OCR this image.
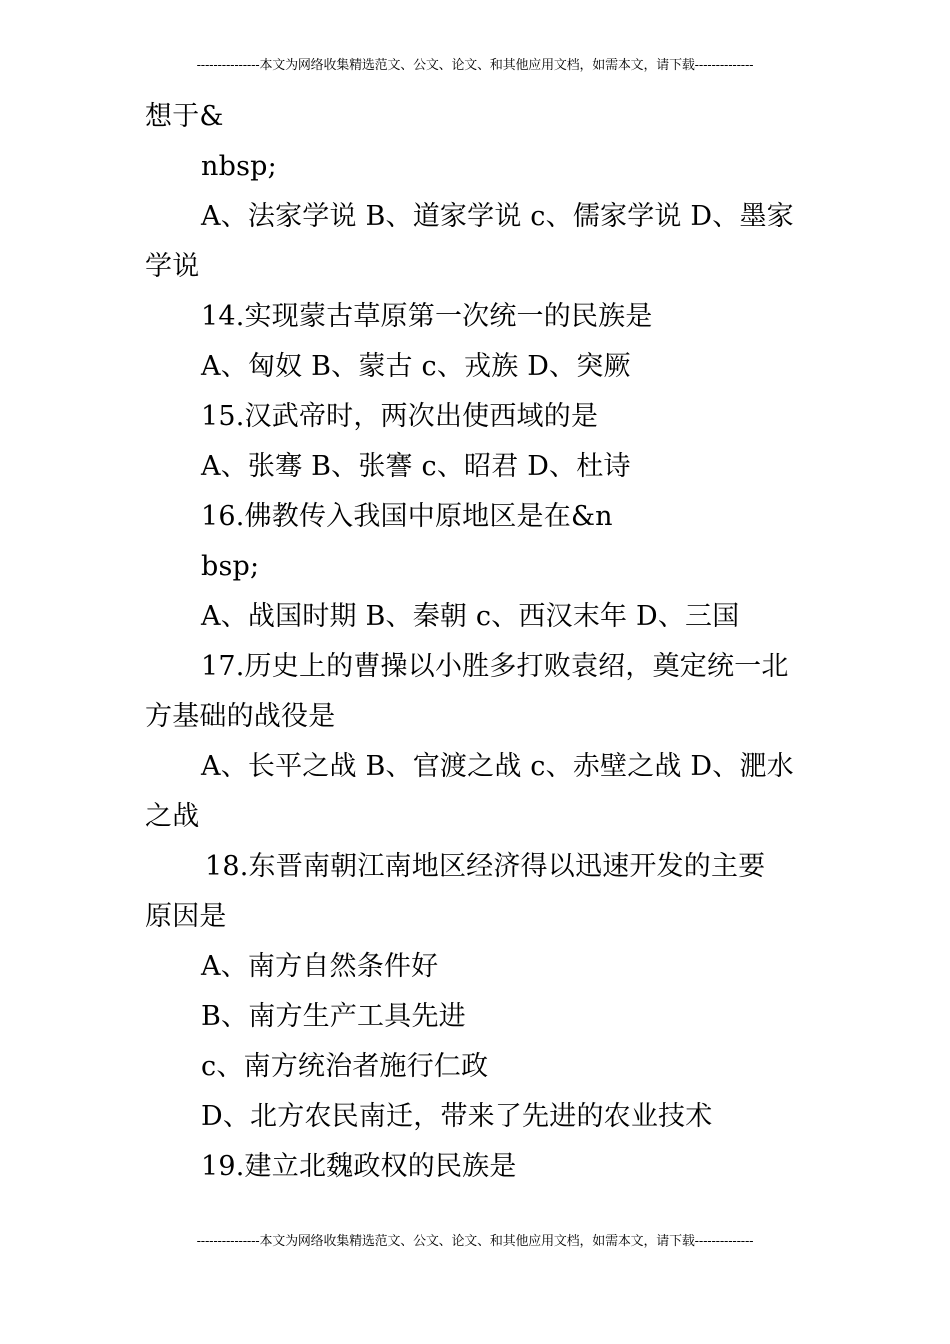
---------------本文为网络收集精选范文、公文、论文、和其他应用文档，如需本文，请下载--------------
想于&
nbsp;
A、法家学说 B、道家学说 c、儒家学说 D、墨家
学说
14.实现蒙古草原第一次统一的民族是
A、匈奴 B、蒙古 c、戎族 D、突厥
15.汉武帝时，两次出使西域的是
A、张骞 B、张謇 c、昭君 D、杜诗
16.佛教传入我国中原地区是在&n
bsp;
A、战国时期 B、秦朝 c、西汉末年 D、三国
17.历史上的曹操以小胜多打败袁绍，奠定统一北
方基础的战役是
A、长平之战 B、官渡之战 c、赤壁之战 D、淝水
之战
18.东晋南朝江南地区经济得以迅速开发的主要
原因是
A、南方自然条件好
B、南方生产工具先进
c、南方统治者施行仁政
D、北方农民南迁，带来了先进的农业技术
19.建立北魏政权的民族是
---------------本文为网络收集精选范文、公文、论文、和其他应用文档，如需本文，请下载--------------
